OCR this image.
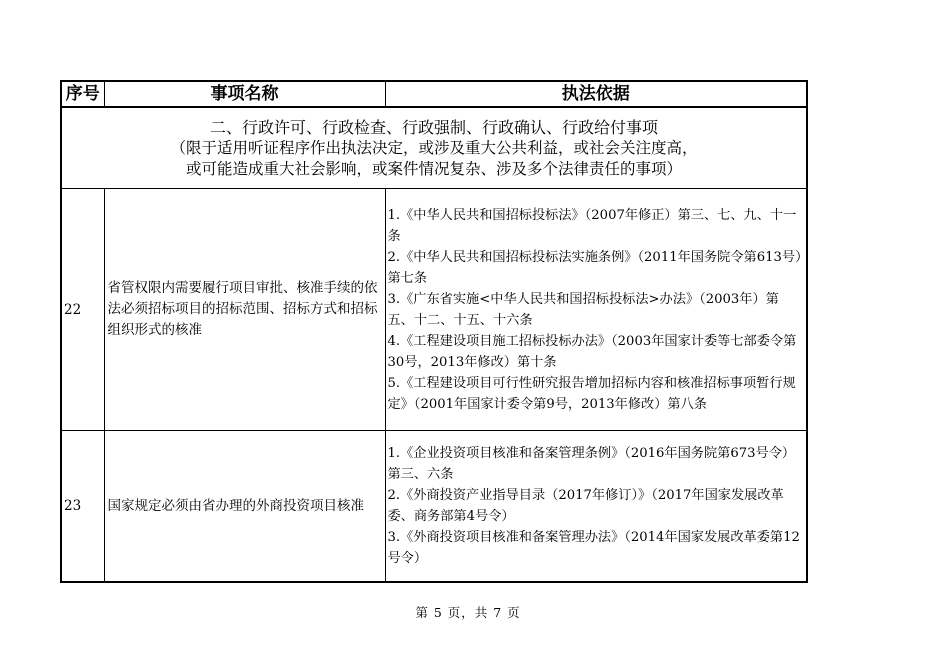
序号	事项名称	执法依据

二、行政许可、行政检查、行政强制、行政确认、行政给付事项
（限于适用听证程序作出执法决定，或涉及重大公共利益，或社会关注度高，
或可能造成重大社会影响，或案件情况复杂、涉及多个法律责任的事项）		

22	省管权限内需要履行项目审批、核准手续的依法必须招标项目的招标范围、招标方式和招标组织形式的核准	1.《中华人民共和国招标投标法》（2007年修正）第三、七、九、十一条
2.《中华人民共和国招标投标法实施条例》（2011年国务院令第613号）第七条
3.《广东省实施<中华人民共和国招标投标法>办法》（2003年）第五、十二、十五、十六条
4.《工程建设项目施工招标投标办法》（2003年国家计委等七部委令第30号，2013年修改）第十条
5.《工程建设项目可行性研究报告增加招标内容和核准招标事项暂行规定》（2001年国家计委令第9号，2013年修改）第八条

23	国家规定必须由省办理的外商投资项目核准	1.《企业投资项目核准和备案管理条例》（2016年国务院第673号令）第三、六条
2.《外商投资产业指导目录（2017年修订）》（2017年国家发展改革委、商务部第4号令）
3.《外商投资项目核准和备案管理办法》（2014年国家发展改革委第12号令）
第 5 页，共 7 页
